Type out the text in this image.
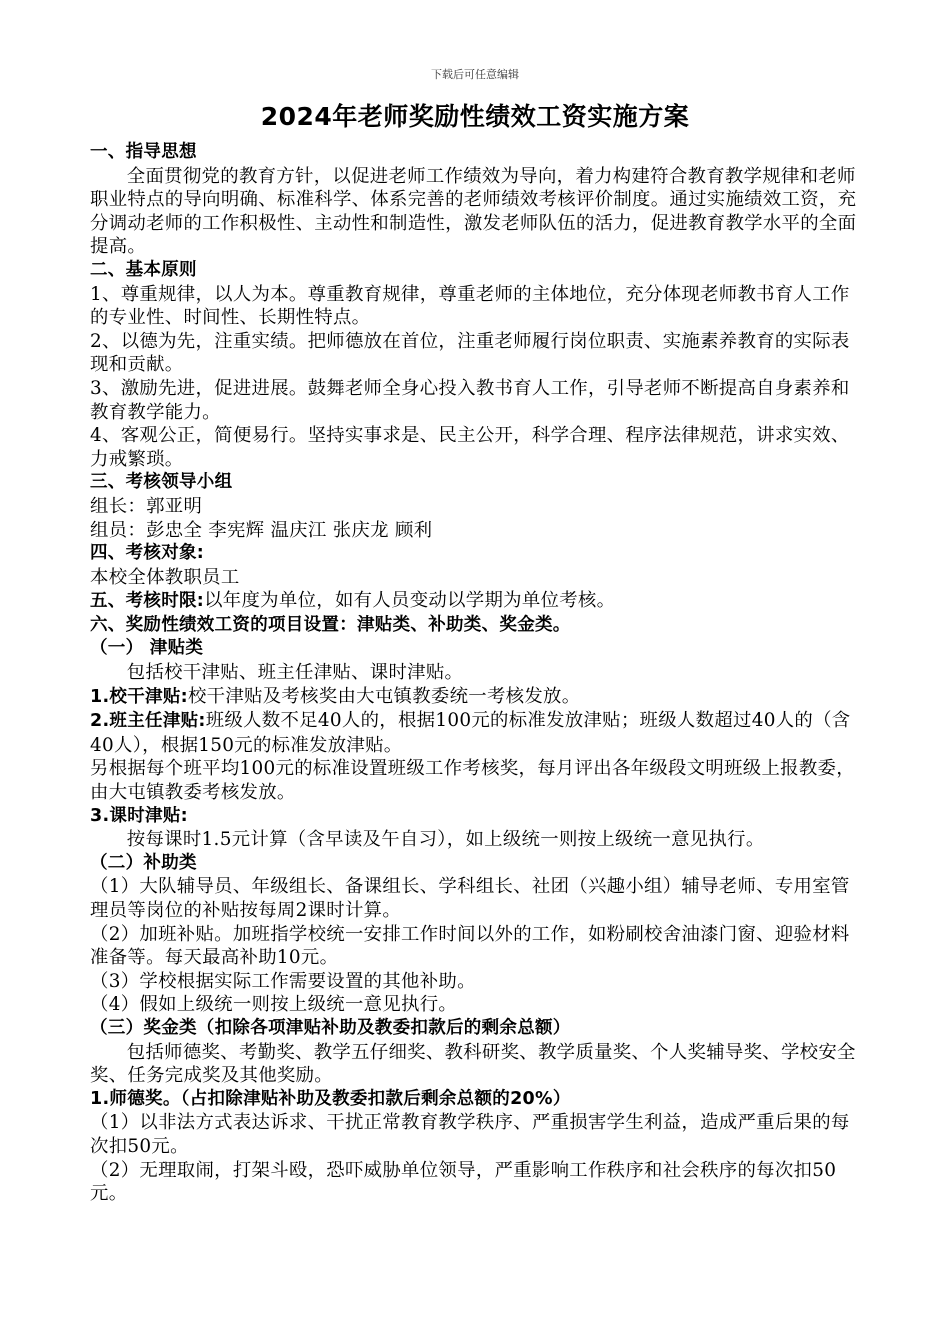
下载后可任意编辑
2024年老师奖励性绩效工资实施方案

一、指导思想

全面贯彻党的教育方针，以促进老师工作绩效为导向，着力构建符合教育教学规律和老师职业特点的导向明确、标准科学、体系完善的老师绩效考核评价制度。通过实施绩效工资，充分调动老师的工作积极性、主动性和制造性，激发老师队伍的活力，促进教育教学水平的全面提高。

二、基本原则

1、尊重规律，以人为本。尊重教育规律，尊重老师的主体地位，充分体现老师教书育人工作的专业性、时间性、长期性特点。

2、以德为先，注重实绩。把师德放在首位，注重老师履行岗位职责、实施素养教育的实际表现和贡献。

3、激励先进，促进进展。鼓舞老师全身心投入教书育人工作，引导老师不断提高自身素养和教育教学能力。

4、客观公正，简便易行。坚持实事求是、民主公开，科学合理、程序法律规范，讲求实效、力戒繁琐。

三、考核领导小组

组长：郭亚明

组员：彭忠全 李宪辉 温庆江 张庆龙 顾利

四、考核对象:

本校全体教职员工

五、考核时限:以年度为单位，如有人员变动以学期为单位考核。

六、奖励性绩效工资的项目设置：津贴类、补助类、奖金类。

（一） 津贴类

包括校干津贴、班主任津贴、课时津贴。

1.校干津贴:校干津贴及考核奖由大屯镇教委统一考核发放。

2.班主任津贴:班级人数不足40人的，根据100元的标准发放津贴；班级人数超过40人的（含40人），根据150元的标准发放津贴。

另根据每个班平均100元的标准设置班级工作考核奖，每月评出各年级段文明班级上报教委，由大屯镇教委考核发放。

3.课时津贴:

按每课时1.5元计算（含早读及午自习），如上级统一则按上级统一意见执行。

（二）补助类

（1）大队辅导员、年级组长、备课组长、学科组长、社团（兴趣小组）辅导老师、专用室管理员等岗位的补贴按每周2课时计算。

（2）加班补贴。加班指学校统一安排工作时间以外的工作，如粉刷校舍油漆门窗、迎验材料准备等。每天最高补助10元。

（3）学校根据实际工作需要设置的其他补助。

（4）假如上级统一则按上级统一意见执行。

（三）奖金类（扣除各项津贴补助及教委扣款后的剩余总额）

包括师德奖、考勤奖、教学五仔细奖、教科研奖、教学质量奖、个人奖辅导奖、学校安全奖、任务完成奖及其他奖励。

1.师德奖。（占扣除津贴补助及教委扣款后剩余总额的20%）

（1）以非法方式表达诉求、干扰正常教育教学秩序、严重损害学生利益，造成严重后果的每次扣50元。

（2）无理取闹，打架斗殴，恐吓威胁单位领导，严重影响工作秩序和社会秩序的每次扣50元。
